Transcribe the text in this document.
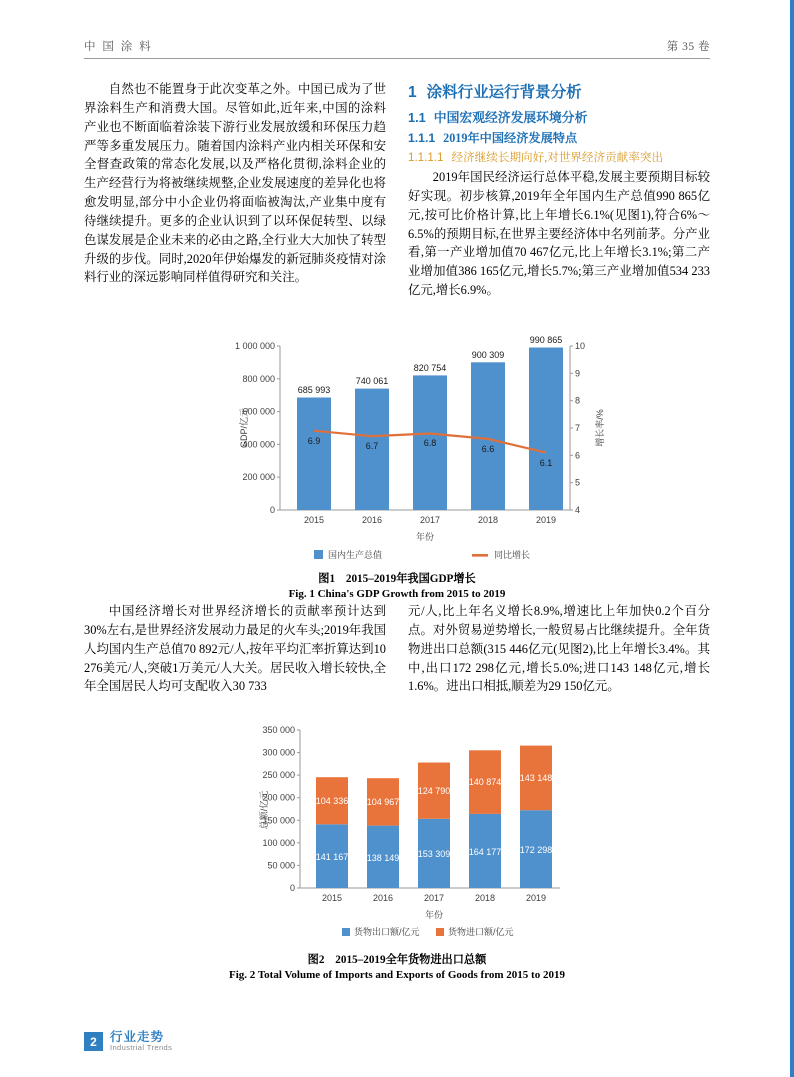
中 国 涂 料	第 35 卷

自然也不能置身于此次变革之外。中国已成为了世界涂料生产和消费大国。尽管如此,近年来,中国的涂料产业也不断面临着涂装下游行业发展放缓和环保压力趋严等多重发展压力。随着国内涂料产业内相关环保和安全督查政策的常态化发展,以及严格化贯彻,涂料企业的生产经营行为将被继续规整,企业发展速度的差异化也将愈发明显,部分中小企业仍将面临被淘汰,产业集中度有待继续提升。更多的企业认识到了以环保促转型、以绿色谋发展是企业未来的必由之路,全行业大大加快了转型升级的步伐。同时,2020年伊始爆发的新冠肺炎疫情对涂料行业的深远影响同样值得研究和关注。

1 涂料行业运行背景分析
1.1 中国宏观经济发展环境分析
1.1.1 2019年中国经济发展特点
1.1.1.1 经济继续长期向好,对世界经济贡献率突出

2019年国民经济运行总体平稳,发展主要预期目标较好实现。初步核算,2019年全年国内生产总值990 865亿元,按可比价格计算,比上年增长6.1%(见图1),符合6%～6.5%的预期目标,在世界主要经济体中名列前茅。分产业看,第一产业增加值70 467亿元,比上年增长3.1%;第二产业增加值386 165亿元,增长5.7%;第三产业增加值534 233亿元,增长6.9%。

0
200 000
400 000
600 000
800 000
1 000 000
4
5
6
7
8
9
10
685 993
740 061
820 754
900 309
990 865
6.9	6.7	6.8
6.6
6.1
2015	2016	2017	2018	2019
年份
GDP/亿元	增长率/%
国内生产总值	同比增长
图1 2015–2019年我国GDP增长
Fig. 1 China's GDP Growth from 2015 to 2019

中国经济增长对世界经济增长的贡献率预计达到30%左右,是世界经济发展动力最足的火车头;2019年我国人均国内生产总值70 892元/人,按年平均汇率折算达到10 276美元/人,突破1万美元/人大关。居民收入增长较快,全年全国居民人均可支配收入30 733

元/人,比上年名义增长8.9%,增速比上年加快0.2个百分点。对外贸易逆势增长,一般贸易占比继续提升。全年货物进出口总额(315 446亿元(见图2),比上年增长3.4%。其中,出口172 298亿元,增长5.0%;进口143 148亿元,增长1.6%。进出口相抵,顺差为29 150亿元。

0
50 000
100 000
150 000
200 000
250 000
300 000
350 000
141 167 138 149 153 309 164 177 172 298
104 336 104 967
124 790
140 874 143 148
2015	2016	2017	2018	2019
年份
总额/亿元
货物出口额/亿元	货物进口额/亿元
图2 2015–2019全年货物进出口总额
Fig. 2 Total Volume of Imports and Exports of Goods from 2015 to 2019
2	行业走势
Industrial Trends
